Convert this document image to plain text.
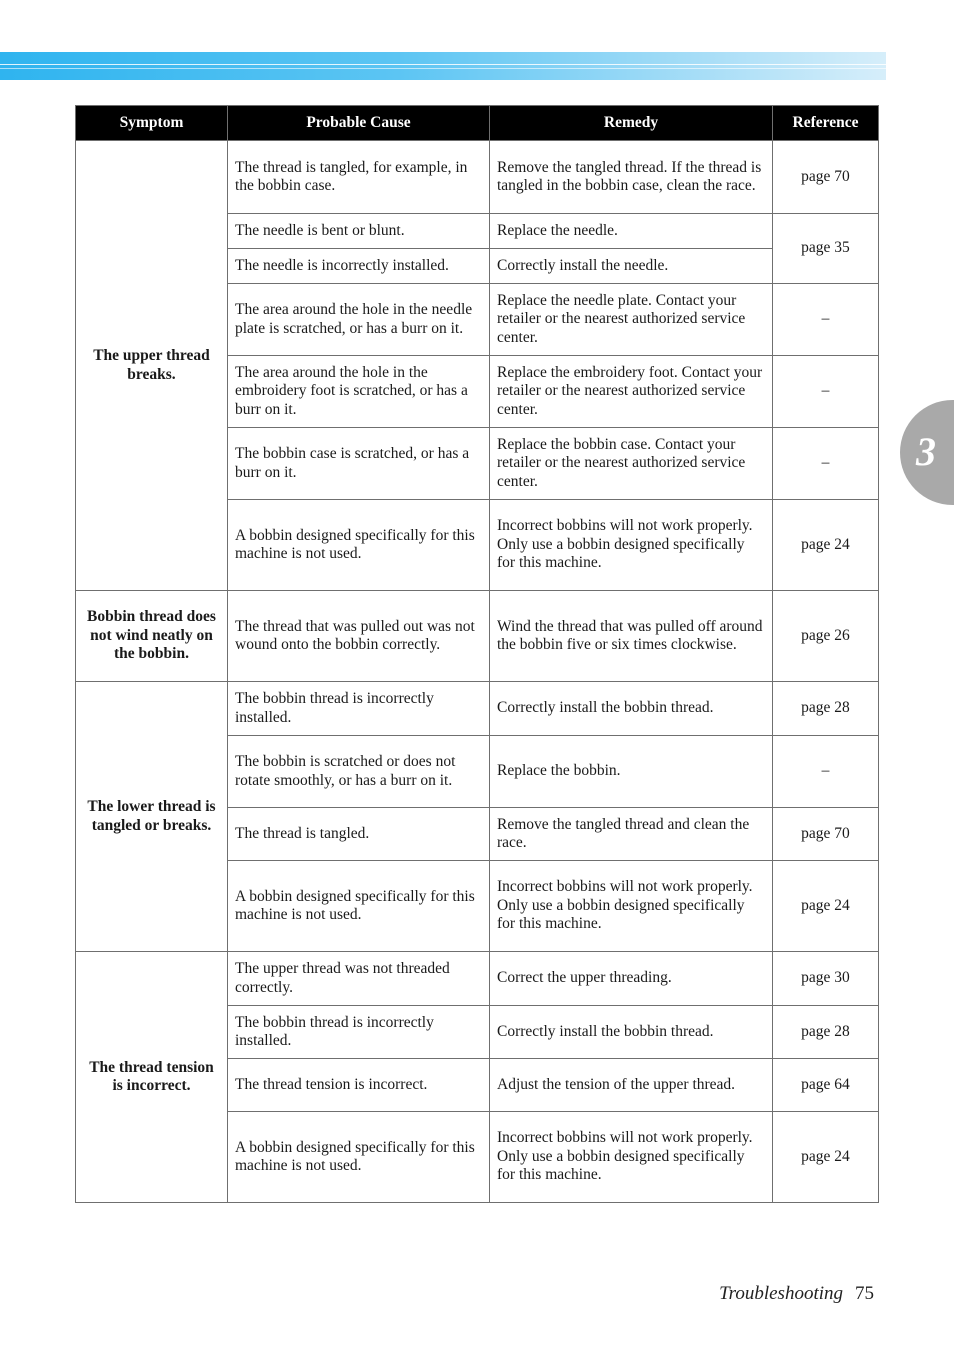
3
Symptom	Probable Cause	Remedy	Reference
The upper thread breaks.	The thread is tangled, for example, in the bobbin case.	Remove the tangled thread. If the thread is tangled in the bobbin case, clean the race.	page 70
	The needle is bent or blunt.	Replace the needle.	page 35
	The needle is incorrectly installed.	Correctly install the needle.	
	The area around the hole in the needle plate is scratched, or has a burr on it.	Replace the needle plate. Contact your retailer or the nearest authorized service center.	–
	The area around the hole in the embroidery foot is scratched, or has a burr on it.	Replace the embroidery foot. Contact your retailer or the nearest authorized service center.	–
	The bobbin case is scratched, or has a burr on it.	Replace the bobbin case. Contact your retailer or the nearest authorized service center.	–
	A bobbin designed specifically for this machine is not used.	Incorrect bobbins will not work properly. Only use a bobbin designed specifically for this machine.	page 24
Bobbin thread does not wind neatly on the bobbin.	The thread that was pulled out was not wound onto the bobbin correctly.	Wind the thread that was pulled off around the bobbin five or six times clockwise.	page 26
The lower thread is tangled or breaks.	The bobbin thread is incorrectly installed.	Correctly install the bobbin thread.	page 28
	The bobbin is scratched or does not rotate smoothly, or has a burr on it.	Replace the bobbin.	–
	The thread is tangled.	Remove the tangled thread and clean the race.	page 70
	A bobbin designed specifically for this machine is not used.	Incorrect bobbins will not work properly. Only use a bobbin designed specifically for this machine.	page 24
The thread tension is incorrect.	The upper thread was not threaded correctly.	Correct the upper threading.	page 30
	The bobbin thread is incorrectly installed.	Correctly install the bobbin thread.	page 28
	The thread tension is incorrect.	Adjust the tension of the upper thread.	page 64
	A bobbin designed specifically for this machine is not used.	Incorrect bobbins will not work properly. Only use a bobbin designed specifically for this machine.	page 24
Troubleshooting 75
